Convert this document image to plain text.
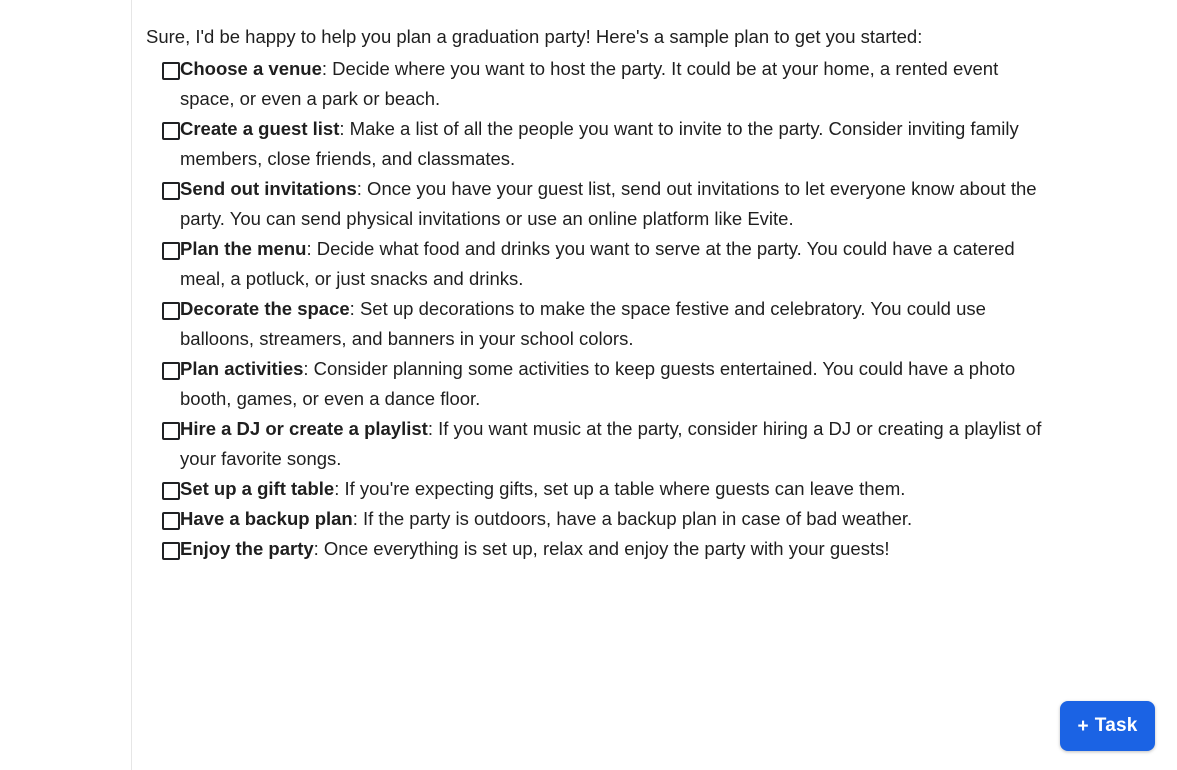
Sure, I'd be happy to help you plan a graduation party! Here's a sample plan to get you started:

Choose a venue: Decide where you want to host the party. It could be at your home, a rented event space, or even a park or beach.
Create a guest list: Make a list of all the people you want to invite to the party. Consider inviting family members, close friends, and classmates.
Send out invitations: Once you have your guest list, send out invitations to let everyone know about the party. You can send physical invitations or use an online platform like Evite.
Plan the menu: Decide what food and drinks you want to serve at the party. You could have a catered meal, a potluck, or just snacks and drinks.
Decorate the space: Set up decorations to make the space festive and celebratory. You could use balloons, streamers, and banners in your school colors.
Plan activities: Consider planning some activities to keep guests entertained. You could have a photo booth, games, or even a dance floor.
Hire a DJ or create a playlist: If you want music at the party, consider hiring a DJ or creating a playlist of your favorite songs.
Set up a gift table: If you're expecting gifts, set up a table where guests can leave them.
Have a backup plan: If the party is outdoors, have a backup plan in case of bad weather.
Enjoy the party: Once everything is set up, relax and enjoy the party with your guests!
+ Task
